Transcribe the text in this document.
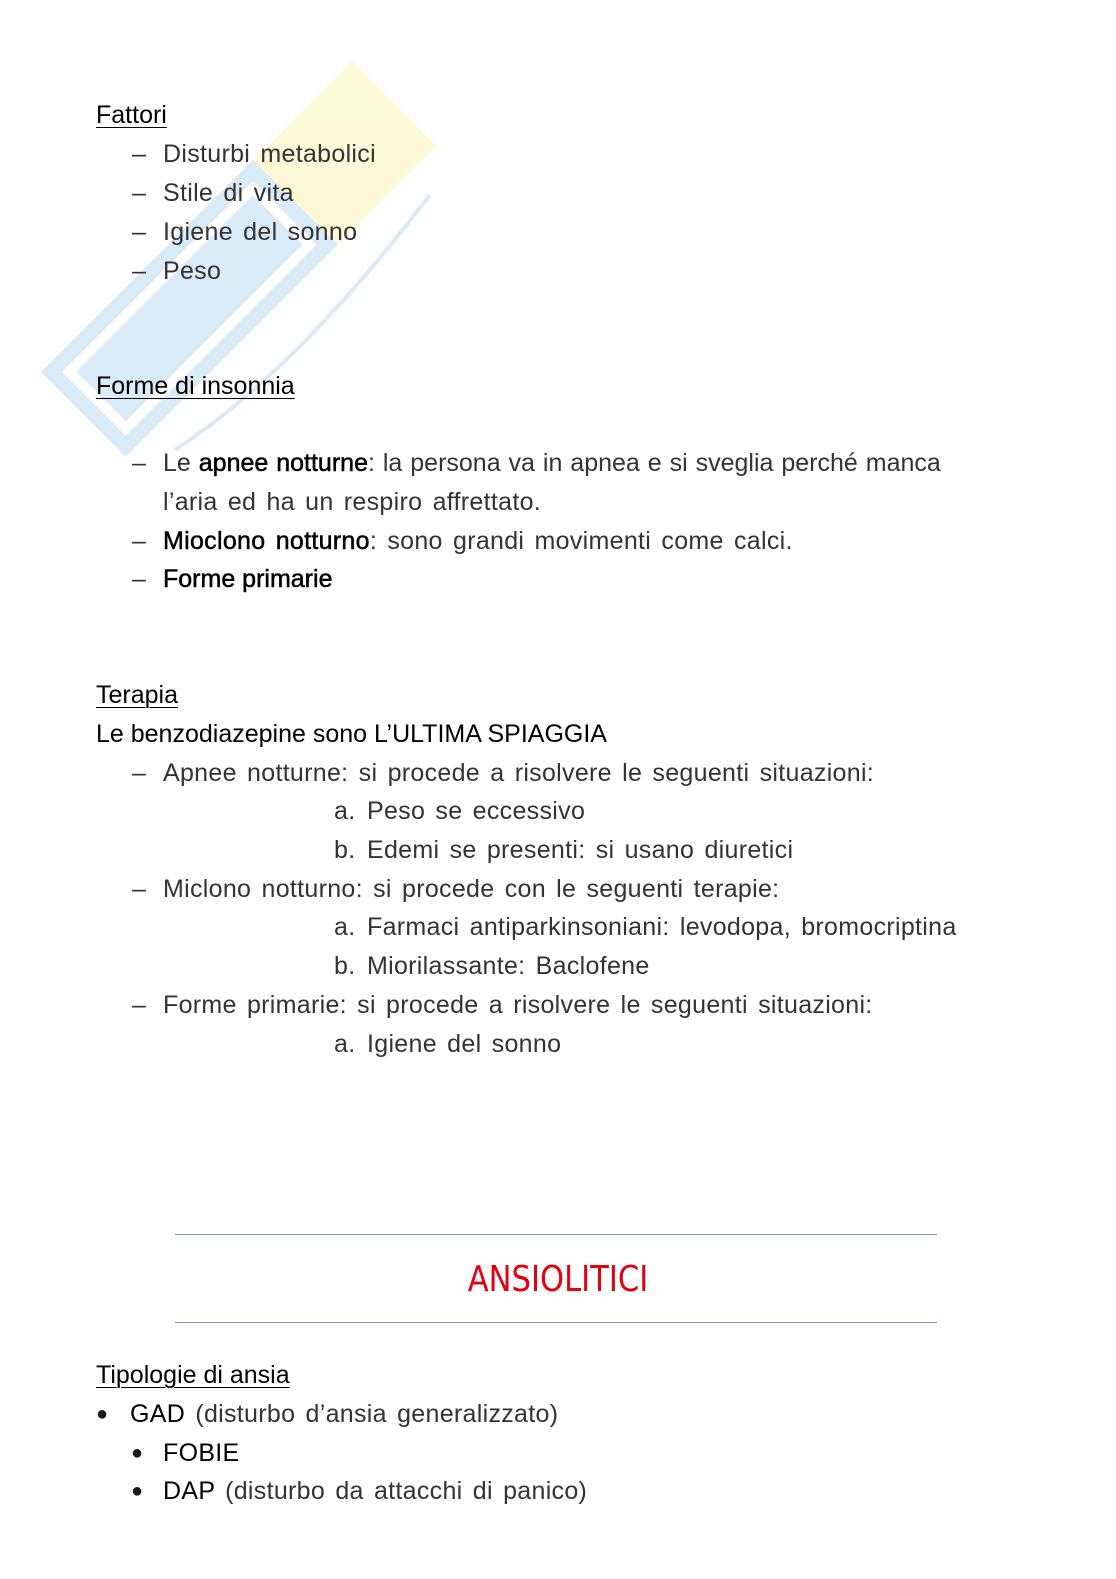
Fattori
– Disturbi metabolici
– Stile di vita
– Igiene del sonno
– Peso
Forme di insonnia
– Le apnee notturne: la persona va in apnea e si sveglia perché manca
l’aria ed ha un respiro affrettato.
– Mioclono notturno: sono grandi movimenti come calci.
– Forme primarie
Terapia
Le benzodiazepine sono L’ULTIMA SPIAGGIA
– Apnee notturne: si procede a risolvere le seguenti situazioni:
a. Peso se eccessivo
b. Edemi se presenti: si usano diuretici
– Miclono notturno: si procede con le seguenti terapie:
a. Farmaci antiparkinsoniani: levodopa, bromocriptina
b. Miorilassante: Baclofene
– Forme primarie: si procede a risolvere le seguenti situazioni:
a. Igiene del sonno
ANSIOLITICI
Tipologie di ansia
● GAD (disturbo d’ansia generalizzato)
● FOBIE
● DAP (disturbo da attacchi di panico)
